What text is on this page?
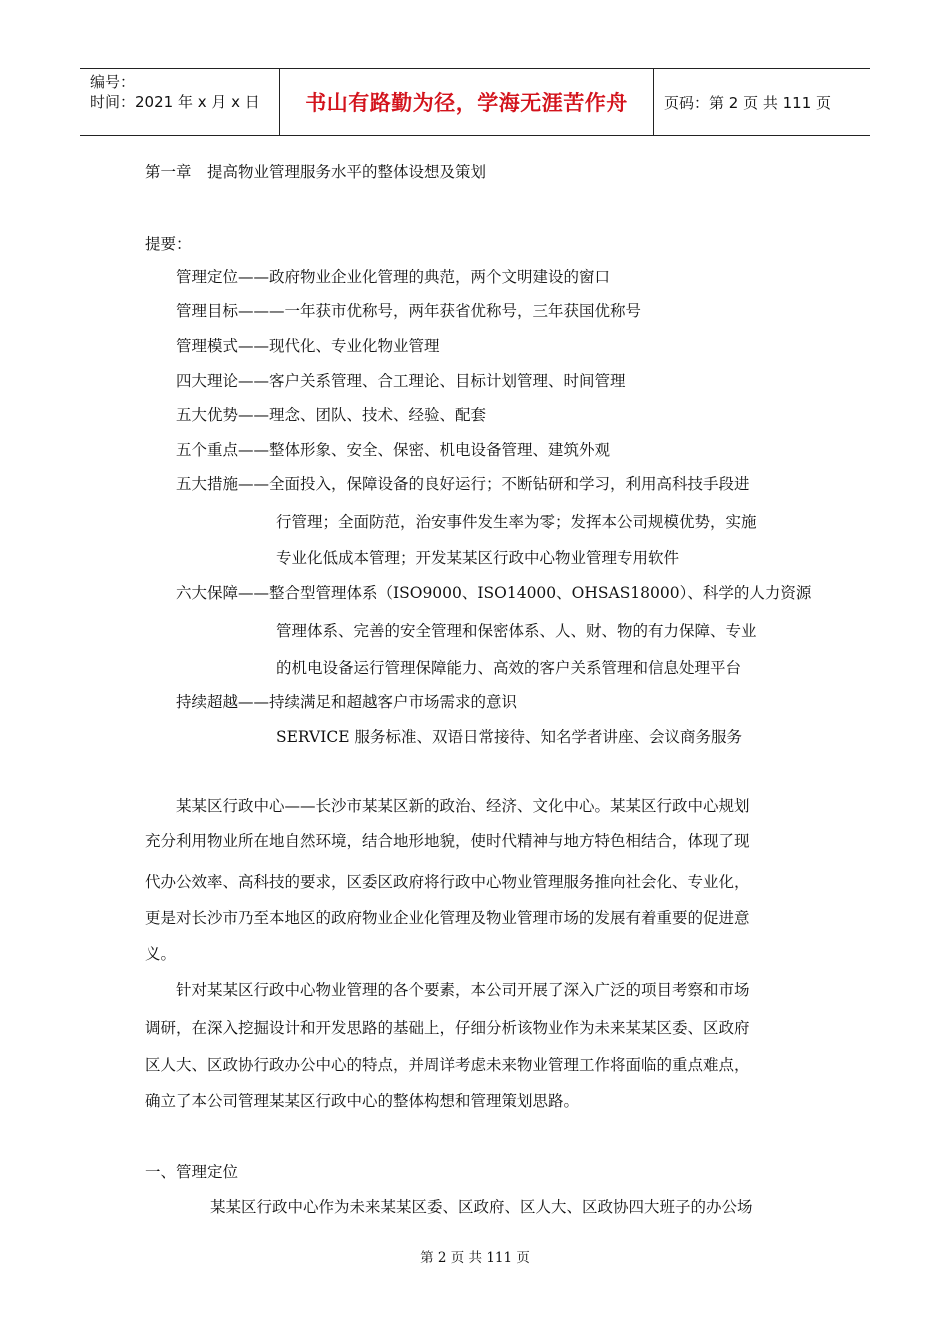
编号：
时间：2021 年 x 月 x 日	书山有路勤为径，学海无涯苦作舟	页码：第 2 页 共 111 页
第一章　提高物业管理服务水平的整体设想及策划
提要：
管理定位——政府物业企业化管理的典范，两个文明建设的窗口
管理目标———一年获市优称号，两年获省优称号，三年获国优称号
管理模式——现代化、专业化物业管理
四大理论——客户关系管理、合工理论、目标计划管理、时间管理
五大优势——理念、团队、技术、经验、配套
五个重点——整体形象、安全、保密、机电设备管理、建筑外观
五大措施——全面投入，保障设备的良好运行；不断钻研和学习，利用高科技手段进
行管理；全面防范，治安事件发生率为零；发挥本公司规模优势，实施
专业化低成本管理；开发某某区行政中心物业管理专用软件
六大保障——整合型管理体系（ISO9000、ISO14000、OHSAS18000）、科学的人力资源
管理体系、完善的安全管理和保密体系、人、财、物的有力保障、专业
的机电设备运行管理保障能力、高效的客户关系管理和信息处理平台
持续超越——持续满足和超越客户市场需求的意识
SERVICE 服务标准、双语日常接待、知名学者讲座、会议商务服务
某某区行政中心——长沙市某某区新的政治、经济、文化中心。某某区行政中心规划
充分利用物业所在地自然环境，结合地形地貌，使时代精神与地方特色相结合，体现了现
代办公效率、高科技的要求，区委区政府将行政中心物业管理服务推向社会化、专业化，
更是对长沙市乃至本地区的政府物业企业化管理及物业管理市场的发展有着重要的促进意
义。
针对某某区行政中心物业管理的各个要素，本公司开展了深入广泛的项目考察和市场
调研，在深入挖掘设计和开发思路的基础上，仔细分析该物业作为未来某某区委、区政府
区人大、区政协行政办公中心的特点，并周详考虑未来物业管理工作将面临的重点难点，
确立了本公司管理某某区行政中心的整体构想和管理策划思路。
一、管理定位
某某区行政中心作为未来某某区委、区政府、区人大、区政协四大班子的办公场
第 2 页 共 111 页
